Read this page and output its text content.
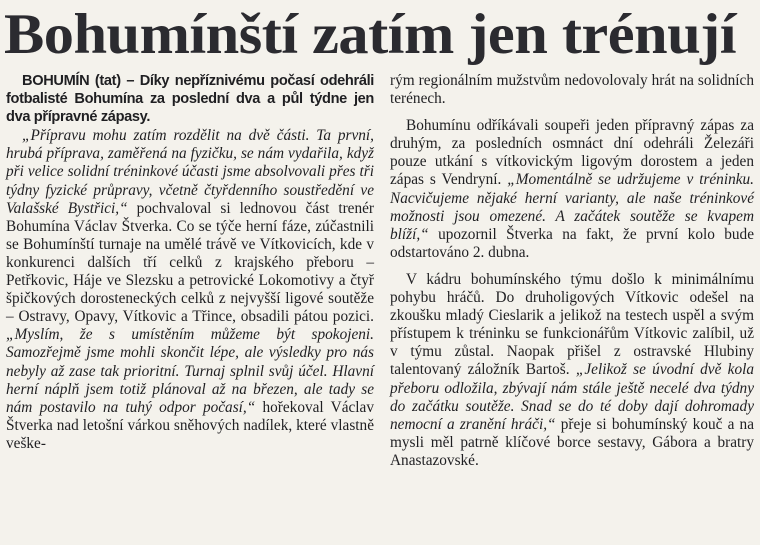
Bohumínští zatím jen trénují

BOHUMÍN (tat) – Díky nepříznivému počasí odehráli fotbalisté Bohumína za poslední dva a půl týdne jen dva přípravné zápasy.

„Přípravu mohu zatím rozdělit na dvě části. Ta první, hrubá příprava, zaměřená na fyzičku, se nám vydařila, když při velice solidní tréninkové účasti jsme absolvovali přes tři týdny fyzické průpravy, včetně čtyřdenního soustředění ve Valašské Bystřici,“ pochvaloval si lednovou část trenér Bohumína Václav Štverka. Co se týče herní fáze, zúčastnili se Bohumínští turnaje na umělé trávě ve Vítkovicích, kde v konkurenci dalších tří celků z krajského přeboru – Petřkovic, Háje ve Slezsku a petrovické Lokomotivy a čtyř špičkových dorosteneckých celků z nejvyšší ligové soutěže – Ostravy, Opavy, Vítkovic a Třince, obsadili pátou pozici. „Myslím, že s umístěním můžeme být spokojeni. Samozřejmě jsme mohli skončit lépe, ale výsledky pro nás nebyly až zase tak prioritní. Turnaj splnil svůj účel. Hlavní herní náplň jsem totiž plánoval až na březen, ale tady se nám postavilo na tuhý odpor počasí,“ hořekoval Václav Štverka nad letošní várkou sněhových nadílek, které vlastně veške-

rým regionálním mužstvům nedovolovaly hrát na solidních terénech.

Bohumínu odříkávali soupeři jeden přípravný zápas za druhým, za posledních osmnáct dní odehráli Železáři pouze utkání s vítkovickým ligovým dorostem a jeden zápas s Vendryní. „Momentálně se udržujeme v tréninku. Nacvičujeme nějaké herní varianty, ale naše tréninkové možnosti jsou omezené. A začátek soutěže se kvapem blíží,“ upozornil Štverka na fakt, že první kolo bude odstartováno 2. dubna.

V kádru bohumínského týmu došlo k minimálnímu pohybu hráčů. Do druholigových Vítkovic odešel na zkoušku mladý Cieslarik a jelikož na testech uspěl a svým přístupem k tréninku se funkcionářům Vítkovic zalíbil, už v týmu zůstal. Naopak přišel z ostravské Hlubiny talentovaný záložník Bartoš. „Jelikož se úvodní dvě kola přeboru odložila, zbývají nám stále ještě necelé dva týdny do začátku soutěže. Snad se do té doby dají dohromady nemocní a zranění hráči,“ přeje si bohumínský kouč a na mysli měl patrně klíčové borce sestavy, Gábora a bratry Anastazovské.
